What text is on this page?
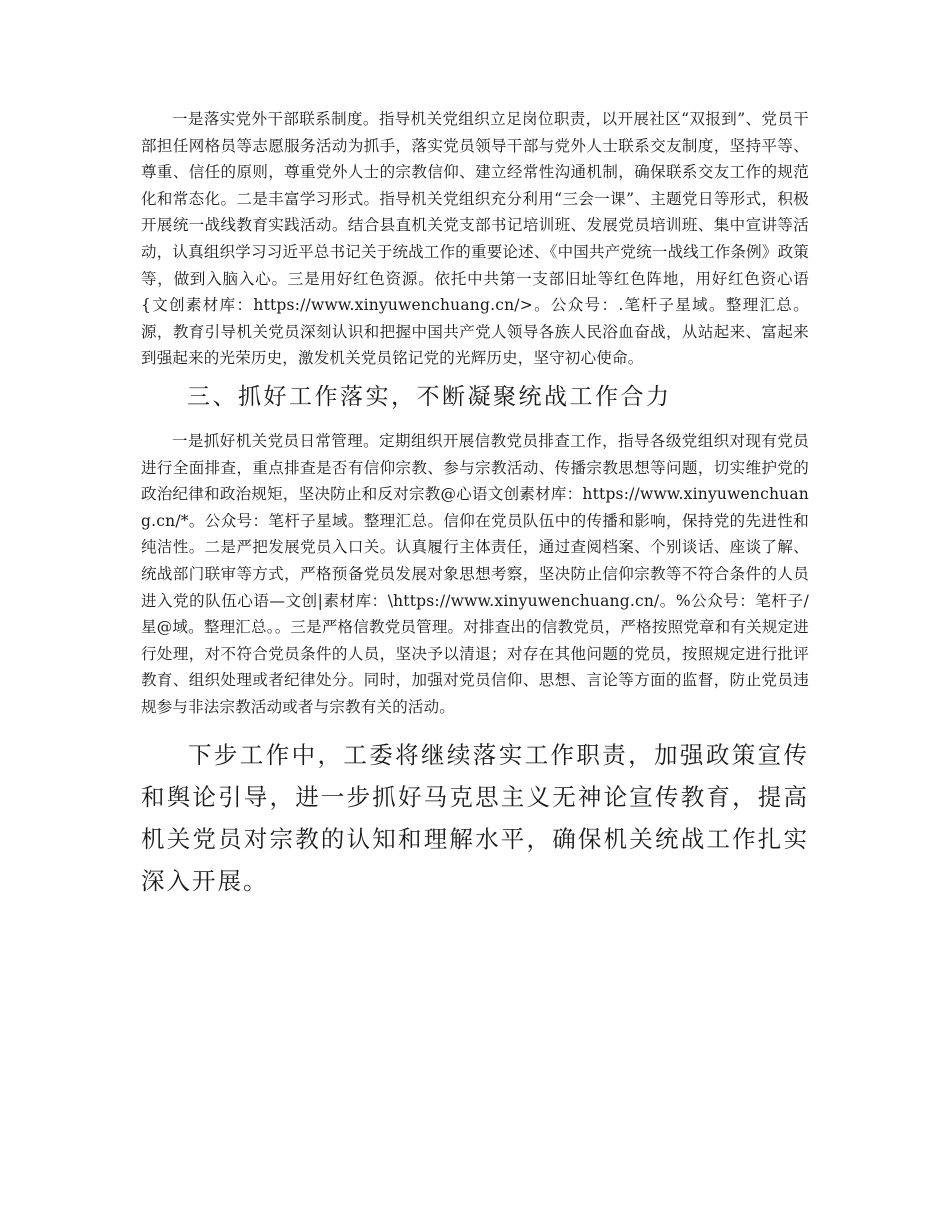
一是落实党外干部联系制度。指导机关党组织立足岗位职责，以开展社区“双报到”、党员干部担任网格员等志愿服务活动为抓手，落实党员领导干部与党外人士联系交友制度，坚持平等、尊重、信任的原则，尊重党外人士的宗教信仰、建立经常性沟通机制，确保联系交友工作的规范化和常态化。二是丰富学习形式。指导机关党组织充分利用“三会一课”、主题党日等形式，积极开展统一战线教育实践活动。结合县直机关党支部书记培训班、发展党员培训班、集中宣讲等活动，认真组织学习习近平总书记关于统战工作的重要论述、《中国共产党统一战线工作条例》政策等，做到入脑入心。三是用好红色资源。依托中共第一支部旧址等红色阵地，用好红色资心语{文创素材库：https://www.xinyuwenchuang.cn/>。公众号：.笔杆子星域。整理汇总。源，教育引导机关党员深刻认识和把握中国共产党人领导各族人民浴血奋战，从站起来、富起来到强起来的光荣历史，激发机关党员铭记党的光辉历史，坚守初心使命。

三、抓好工作落实，不断凝聚统战工作合力

一是抓好机关党员日常管理。定期组织开展信教党员排查工作，指导各级党组织对现有党员进行全面排查，重点排查是否有信仰宗教、参与宗教活动、传播宗教思想等问题，切实维护党的政治纪律和政治规矩，坚决防止和反对宗教@心语文创素材库：https://www.xinyuwenchuang.cn/*。公众号：笔杆子星域。整理汇总。信仰在党员队伍中的传播和影响，保持党的先进性和纯洁性。二是严把发展党员入口关。认真履行主体责任，通过查阅档案、个别谈话、座谈了解、统战部门联审等方式，严格预备党员发展对象思想考察，坚决防止信仰宗教等不符合条件的人员进入党的队伍心语—文创|素材库：\https://www.xinyuwenchuang.cn/。%公众号：笔杆子/星@域。整理汇总。。三是严格信教党员管理。对排查出的信教党员，严格按照党章和有关规定进行处理，对不符合党员条件的人员，坚决予以清退；对存在其他问题的党员，按照规定进行批评教育、组织处理或者纪律处分。同时，加强对党员信仰、思想、言论等方面的监督，防止党员违规参与非法宗教活动或者与宗教有关的活动。

下步工作中，工委将继续落实工作职责，加强政策宣传和舆论引导，进一步抓好马克思主义无神论宣传教育，提高机关党员对宗教的认知和理解水平，确保机关统战工作扎实深入开展。
